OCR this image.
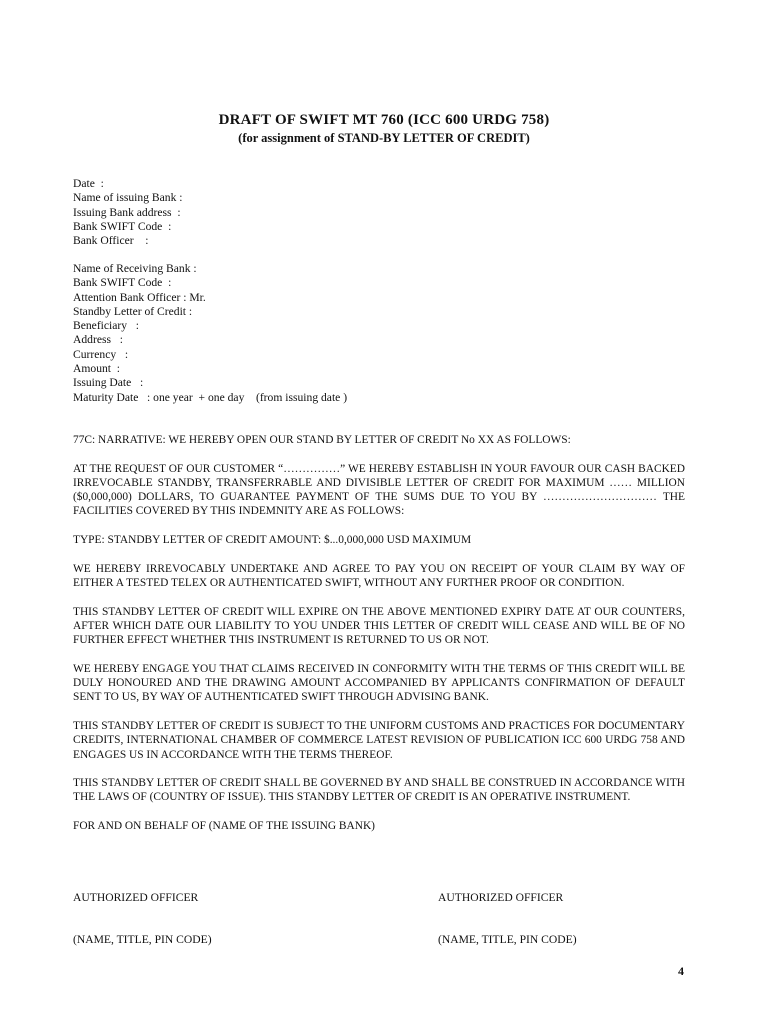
DRAFT OF SWIFT MT 760 (ICC 600 URDG 758)
(for assignment of STAND-BY LETTER OF CREDIT)
Date  :
Name of issuing Bank :
Issuing Bank address  :
Bank SWIFT Code  :
Bank Officer    :
Name of Receiving Bank :
Bank SWIFT Code  :
Attention Bank Officer : Mr.
Standby Letter of Credit :
Beneficiary   :
Address   :
Currency   :
Amount  :
Issuing Date   :
Maturity Date   : one year  + one day    (from issuing date )

77C: NARRATIVE: WE HEREBY OPEN OUR STAND BY LETTER OF CREDIT No XX AS FOLLOWS:

AT THE REQUEST OF OUR CUSTOMER “……………” WE HEREBY ESTABLISH IN YOUR FAVOUR OUR CASH BACKED IRREVOCABLE STANDBY, TRANSFERRABLE AND DIVISIBLE LETTER OF CREDIT FOR MAXIMUM …… MILLION ($0,000,000) DOLLARS, TO GUARANTEE PAYMENT OF THE SUMS DUE TO YOU BY ………………………… THE FACILITIES COVERED BY THIS INDEMNITY ARE AS FOLLOWS:

TYPE: STANDBY LETTER OF CREDIT AMOUNT: $...0,000,000 USD MAXIMUM

WE HEREBY IRREVOCABLY UNDERTAKE AND AGREE TO PAY YOU ON RECEIPT OF YOUR CLAIM BY WAY OF EITHER A TESTED TELEX OR AUTHENTICATED SWIFT, WITHOUT ANY FURTHER PROOF OR CONDITION.

THIS STANDBY LETTER OF CREDIT WILL EXPIRE ON THE ABOVE MENTIONED EXPIRY DATE AT OUR COUNTERS, AFTER WHICH DATE OUR LIABILITY TO YOU UNDER THIS LETTER OF CREDIT WILL CEASE AND WILL BE OF NO FURTHER EFFECT WHETHER THIS INSTRUMENT IS RETURNED TO US OR NOT.

WE HEREBY ENGAGE YOU THAT CLAIMS RECEIVED IN CONFORMITY WITH THE TERMS OF THIS CREDIT WILL BE DULY HONOURED AND THE DRAWING AMOUNT ACCOMPANIED BY APPLICANTS CONFIRMATION OF DEFAULT SENT TO US, BY WAY OF AUTHENTICATED SWIFT THROUGH ADVISING BANK.

THIS STANDBY LETTER OF CREDIT IS SUBJECT TO THE UNIFORM CUSTOMS AND PRACTICES FOR DOCUMENTARY CREDITS, INTERNATIONAL CHAMBER OF COMMERCE LATEST REVISION OF PUBLICATION ICC 600 URDG 758 AND ENGAGES US IN ACCORDANCE WITH THE TERMS THEREOF.

THIS STANDBY LETTER OF CREDIT SHALL BE GOVERNED BY AND SHALL BE CONSTRUED IN ACCORDANCE WITH THE LAWS OF (COUNTRY OF ISSUE). THIS STANDBY LETTER OF CREDIT IS AN OPERATIVE INSTRUMENT.

FOR AND ON BEHALF OF (NAME OF THE ISSUING BANK)

AUTHORIZED OFFICER

(NAME, TITLE, PIN CODE)

AUTHORIZED OFFICER

(NAME, TITLE, PIN CODE)

4
